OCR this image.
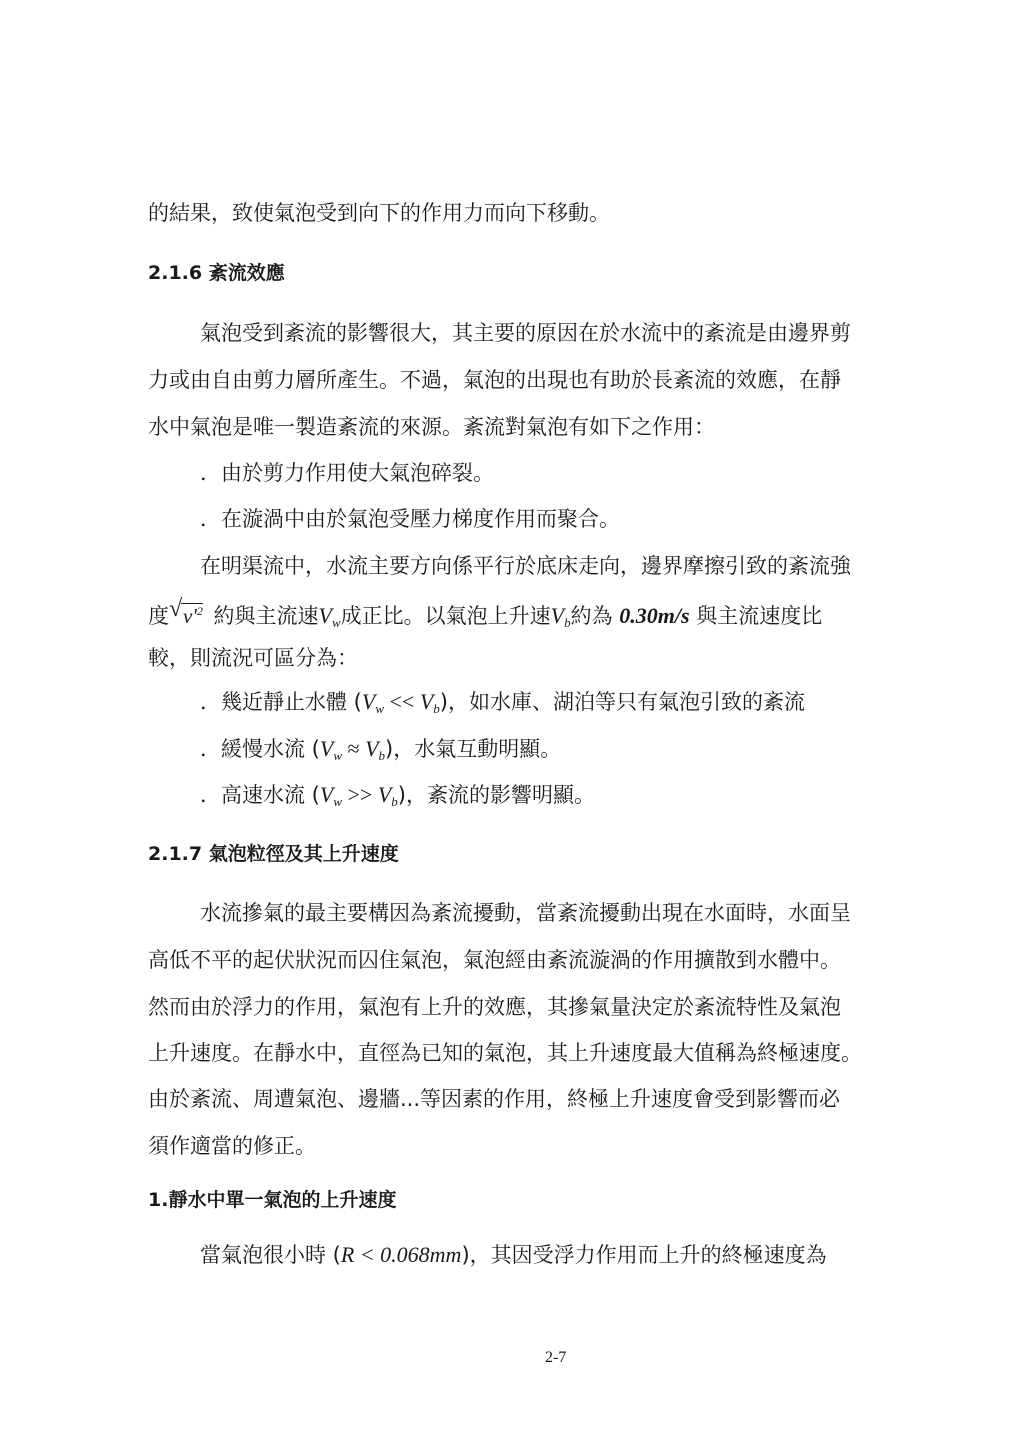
的結果，致使氣泡受到向下的作用力而向下移動。
2.1.6 紊流效應
氣泡受到紊流的影響很大，其主要的原因在於水流中的紊流是由邊界剪
力或由自由剪力層所產生。不過，氣泡的出現也有助於長紊流的效應，在靜
水中氣泡是唯一製造紊流的來源。紊流對氣泡有如下之作用：
．由於剪力作用使大氣泡碎裂。
．在漩渦中由於氣泡受壓力梯度作用而聚合。
在明渠流中，水流主要方向係平行於底床走向，邊界摩擦引致的紊流強
度 √ $v'^2$ 約與主流速$V_w$成正比。以氣泡上升速$V_b$約為 0.30m/s 與主流速度比
較，則流況可區分為：
．幾近靜止水體 $(V_w << V_b)$，如水庫、湖泊等只有氣泡引致的紊流
．緩慢水流 $(V_w \approx V_b)$，水氣互動明顯。
．高速水流 $(V_w >> V_b)$，紊流的影響明顯。
2.1.7 氣泡粒徑及其上升速度
水流摻氣的最主要構因為紊流擾動，當紊流擾動出現在水面時，水面呈
高低不平的起伏狀況而囚住氣泡，氣泡經由紊流漩渦的作用擴散到水體中。
然而由於浮力的作用，氣泡有上升的效應，其摻氣量決定於紊流特性及氣泡
上升速度。在靜水中，直徑為已知的氣泡，其上升速度最大值稱為終極速度。
由於紊流、周遭氣泡、邊牆...等因素的作用，終極上升速度會受到影響而必
須作適當的修正。
1.靜水中單一氣泡的上升速度
當氣泡很小時 (R < 0.068mm)，其因受浮力作用而上升的終極速度為
2-7
